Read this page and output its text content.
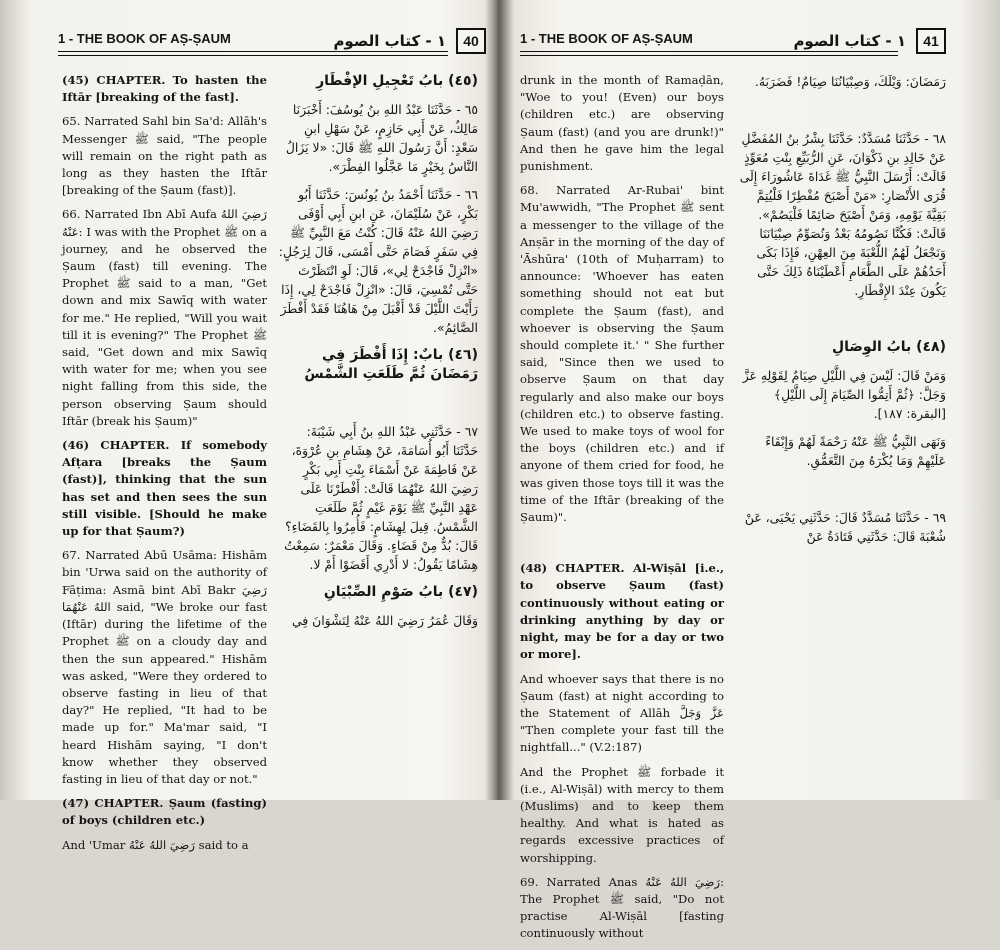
1 - THE BOOK OF AṢ-ṢAUM	١ - كتاب الصوم	40
(45) CHAPTER. To hasten the Iftār [breaking of the fast].
65. Narrated Sahl bin Sa'd: Allāh's Messenger ﷺ said, "The people will remain on the right path as long as they hasten the Iftār [breaking of the Ṣaum (fast)].
66. Narrated Ibn Abī Aufa رَضِيَ اللهُ عَنْهُ: I was with the Prophet ﷺ on a journey, and he observed the Ṣaum (fast) till evening. The Prophet ﷺ said to a man, "Get down and mix Sawīq with water for me." He replied, "Will you wait till it is evening?" The Prophet ﷺ said, "Get down and mix Sawīq with water for me; when you see night falling from this side, the person observing Ṣaum should Iftār (break his Ṣaum)"
(46) CHAPTER. If somebody Afṭara [breaks the Ṣaum (fast)], thinking that the sun has set and then sees the sun still visible. [Should he make up for that Ṣaum?)
67. Narrated Abū Usāma: Hishām bin 'Urwa said on the authority of Fāṭima: Asmā bint Abī Bakr رَضِيَ اللهُ عَنْهُمَا said, "We broke our fast (Iftār) during the lifetime of the Prophet ﷺ on a cloudy day and then the sun appeared." Hishām was asked, "Were they ordered to observe fasting in lieu of that day?" He replied, "It had to be made up for." Ma'mar said, "I heard Hishām saying, "I don't know whether they observed fasting in lieu of that day or not."
(47) CHAPTER. Ṣaum (fasting) of boys (children etc.)
And 'Umar رَضِيَ اللهُ عَنْهُ said to a
(٤٥) بابُ تَعْجِيلِ الإفْطَارِ
٦٥ - حَدَّثَنَا عَبْدُ اللهِ بنُ يُوسُفَ: أَخْبَرَنَا مَالِكٌ، عَنْ أَبِي حَازِمٍ، عَنْ سَهْلِ ابنِ سَعْدٍ: أَنَّ رَسُولَ اللهِ ﷺ قَالَ: «لا يَزَالُ النَّاسُ بِخَيْرٍ مَا عَجَّلُوا الفِطْرَ».
٦٦ - حَدَّثَنَا أَحْمَدُ بنُ يُونُسَ: حَدَّثَنَا أَبُو بَكْرٍ، عَنْ سُلَيْمَانَ، عَنِ ابنِ أَبِي أَوْفَى رَضِيَ اللهُ عَنْهُ قَالَ: كُنْتُ مَعَ النَّبِيِّ ﷺ فِي سَفَرٍ فَصَامَ حَتَّى أَمْسَى، قَالَ لِرَجُلٍ: «انْزِلْ فَاجْدَحْ لِي»، قَالَ: لَوِ انْتَظَرْتَ حَتَّى تُمْسِيَ، قَالَ: «انْزِلْ فَاجْدَحْ لِي، إِذَا رَأَيْتَ اللَّيْلَ قَدْ أَقْبَلَ مِنْ هَاهُنَا فَقَدْ أَفْطَرَ الصَّائِمُ».
(٤٦) بابٌ: إِذَا أَفْطَرَ فِي رَمَضَانَ ثُمَّ طَلَعَتِ الشَّمْسُ
٦٧ - حَدَّثَنِي عَبْدُ اللهِ بنُ أَبِي شَيْبَةَ: حَدَّثَنَا أَبُو أُسَامَةَ، عَنْ هِشَامِ بنِ عُرْوَةَ، عَنْ فَاطِمَةَ عَنْ أَسْمَاءَ بِنْتِ أَبِي بَكْرٍ رَضِيَ اللهُ عَنْهُمَا قَالَتْ: أَفْطَرْنَا عَلَى عَهْدِ النَّبِيِّ ﷺ يَوْمَ غَيْمٍ ثُمَّ طَلَعَتِ الشَّمْسُ. قِيلَ لِهِشَامٍ: فَأُمِرُوا بِالقَضَاءِ؟ قَالَ: بُدٌّ مِنْ قَضَاءٍ. وَقَالَ مَعْمَرٌ: سَمِعْتُ هِشَامًا يَقُولُ: لا أَدْرِي أَقَضَوْا أَمْ لا.
(٤٧) بابُ صَوْمِ الصِّبْيَانِ
وَقَالَ عُمَرُ رَضِيَ اللهُ عَنْهُ لِنَشْوَانَ فِي
1 - THE BOOK OF AṢ-ṢAUM	١ - كتاب الصوم	41
drunk in the month of Ramaḍān, "Woe to you! (Even) our boys (children etc.) are observing Ṣaum (fast) (and you are drunk!)" And then he gave him the legal punishment.
68. Narrated Ar-Rubai' bint Mu'awwidh, "The Prophet ﷺ sent a messenger to the village of the Anṣār in the morning of the day of 'Āshūra' (10th of Muḥarram) to announce: 'Whoever has eaten something should not eat but complete the Ṣaum (fast), and whoever is observing the Ṣaum should complete it.' " She further said, "Since then we used to observe Ṣaum on that day regularly and also make our boys (children etc.) to observe fasting. We used to make toys of wool for the boys (children etc.) and if anyone of them cried for food, he was given those toys till it was the time of the Iftār (breaking of the Ṣaum)".
(48) CHAPTER. Al-Wiṣāl [i.e., to observe Ṣaum (fast) continuously without eating or drinking anything by day or night, may be for a day or two or more].
And whoever says that there is no Ṣaum (fast) at night according to the Statement of Allāh عَزَّ وَجَلَّ "Then complete your fast till the nightfall..." (V.2:187)
And the Prophet ﷺ forbade it (i.e., Al-Wiṣāl) with mercy to them (Muslims) and to keep them healthy. And what is hated as regards excessive practices of worshipping.
69. Narrated Anas رَضِيَ اللهُ عَنْهُ: The Prophet ﷺ said, "Do not practise Al-Wiṣāl [fasting continuously without
رَمَضَانَ: وَيْلَكَ، وَصِبْيَانُنَا صِيَامٌ! فَضَرَبَهُ.
٦٨ - حَدَّثَنَا مُسَدَّدٌ: حَدَّثَنَا بِشْرُ بنُ المُفَضَّلِ عَنْ خَالِدِ بنِ ذَكْوَانَ، عَنِ الرُّبَيِّعِ بِنْتِ مُعَوِّذٍ قَالَتْ: أَرْسَلَ النَّبِيُّ ﷺ غَدَاةَ عَاشُورَاءَ إِلَى قُرَى الأَنْصَارِ: «مَنْ أَصْبَحَ مُفْطِرًا فَلْيُتِمَّ بَقِيَّةَ يَوْمِهِ، وَمَنْ أَصْبَحَ صَائِمًا فَلْيَصُمْ». قَالَتْ: فَكُنَّا نَصُومُهُ بَعْدُ وَنُصَوِّمُ صِبْيَانَنَا وَنَجْعَلُ لَهُمُ اللُّعْبَةَ مِنَ العِهْنِ، فَإِذَا بَكَى أَحَدُهُمْ عَلَى الطَّعَامِ أَعْطَيْنَاهُ ذَلِكَ حَتَّى يَكُونَ عِنْدَ الإِفْطَارِ.
(٤٨) بابُ الوِصَالِ
وَمَنْ قَالَ: لَيْسَ فِي اللَّيْلِ صِيَامٌ لِقَوْلِهِ عَزَّ وَجَلَّ: ﴿ثُمَّ أَتِمُّوا الصِّيَامَ إِلَى اللَّيْلِ﴾ [البقرة: ١٨٧].
وَنَهَى النَّبِيُّ ﷺ عَنْهُ رَحْمَةً لَهُمْ وَإِبْقَاءً عَلَيْهِمْ وَمَا يُكْرَهُ مِنَ التَّعَمُّقِ.
٦٩ - حَدَّثَنَا مُسَدَّدٌ قَالَ: حَدَّثَنِي يَحْيَى، عَنْ شُعْبَةَ قَالَ: حَدَّثَنِي قَتَادَةُ عَنْ
